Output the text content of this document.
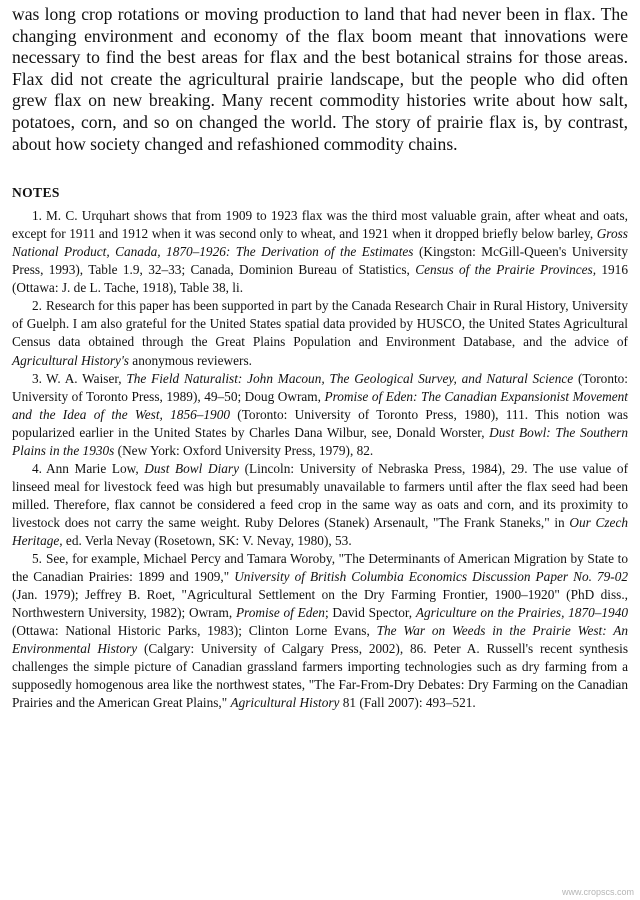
was long crop rotations or moving production to land that had never been in flax. The changing environment and economy of the flax boom meant that innovations were necessary to find the best areas for flax and the best botanical strains for those areas. Flax did not create the agricultural prairie landscape, but the people who did often grew flax on new breaking. Many recent commodity histories write about how salt, potatoes, corn, and so on changed the world. The story of prairie flax is, by contrast, about how society changed and refashioned commodity chains.

NOTES

1. M. C. Urquhart shows that from 1909 to 1923 flax was the third most valuable grain, after wheat and oats, except for 1911 and 1912 when it was second only to wheat, and 1921 when it dropped briefly below barley, Gross National Product, Canada, 1870–1926: The Derivation of the Estimates (Kingston: McGill-Queen's University Press, 1993), Table 1.9, 32–33; Canada, Dominion Bureau of Statistics, Census of the Prairie Provinces, 1916 (Ottawa: J. de L. Tache, 1918), Table 38, li.

2. Research for this paper has been supported in part by the Canada Research Chair in Rural History, University of Guelph. I am also grateful for the United States spatial data provided by HUSCO, the United States Agricultural Census data obtained through the Great Plains Population and Environment Database, and the advice of Agricultural History's anonymous reviewers.

3. W. A. Waiser, The Field Naturalist: John Macoun, The Geological Survey, and Natural Science (Toronto: University of Toronto Press, 1989), 49–50; Doug Owram, Promise of Eden: The Canadian Expansionist Movement and the Idea of the West, 1856–1900 (Toronto: University of Toronto Press, 1980), 111. This notion was popularized earlier in the United States by Charles Dana Wilbur, see, Donald Worster, Dust Bowl: The Southern Plains in the 1930s (New York: Oxford University Press, 1979), 82.

4. Ann Marie Low, Dust Bowl Diary (Lincoln: University of Nebraska Press, 1984), 29. The use value of linseed meal for livestock feed was high but presumably unavailable to farmers until after the flax seed had been milled. Therefore, flax cannot be considered a feed crop in the same way as oats and corn, and its proximity to livestock does not carry the same weight. Ruby Delores (Stanek) Arsenault, "The Frank Staneks," in Our Czech Heritage, ed. Verla Nevay (Rosetown, SK: V. Nevay, 1980), 53.

5. See, for example, Michael Percy and Tamara Woroby, "The Determinants of American Migration by State to the Canadian Prairies: 1899 and 1909," University of British Columbia Economics Discussion Paper No. 79-02 (Jan. 1979); Jeffrey B. Roet, "Agricultural Settlement on the Dry Farming Frontier, 1900–1920" (PhD diss., Northwestern University, 1982); Owram, Promise of Eden; David Spector, Agriculture on the Prairies, 1870–1940 (Ottawa: National Historic Parks, 1983); Clinton Lorne Evans, The War on Weeds in the Prairie West: An Environmental History (Calgary: University of Calgary Press, 2002), 86. Peter A. Russell's recent synthesis challenges the simple picture of Canadian grassland farmers importing technologies such as dry farming from a supposedly homogenous area like the northwest states, "The Far-From-Dry Debates: Dry Farming on the Canadian Prairies and the American Great Plains," Agricultural History 81 (Fall 2007): 493–521.

www.cropscs.com
